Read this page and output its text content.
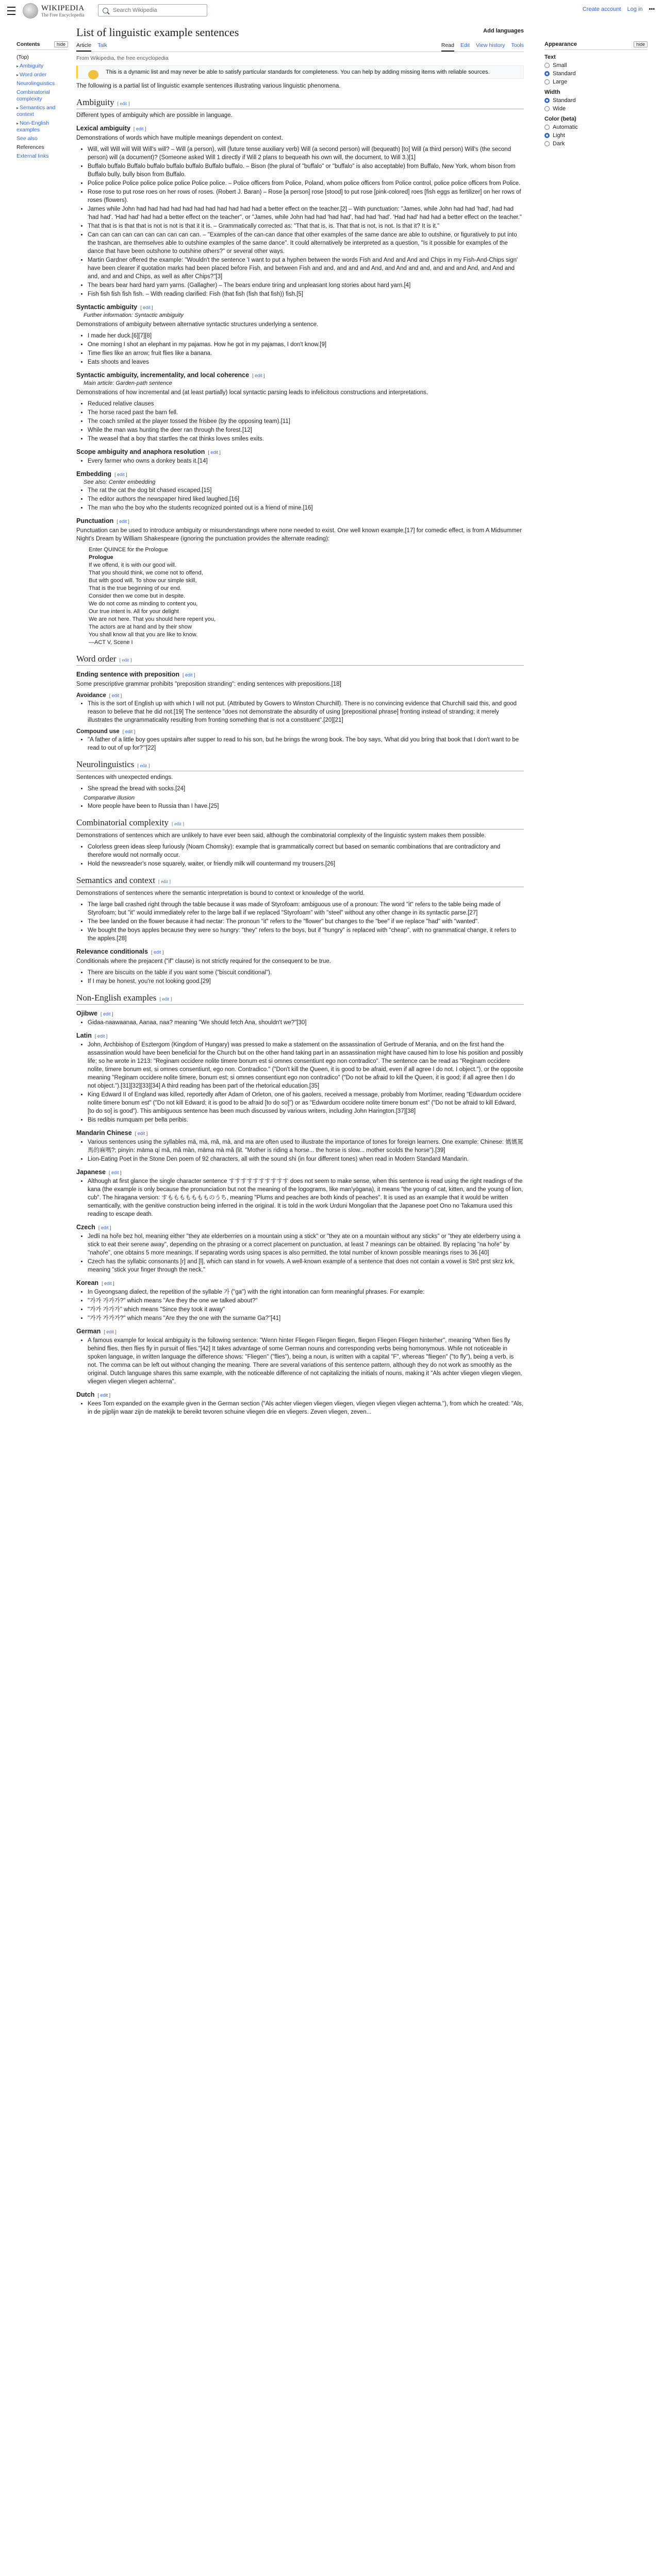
WIKIPEDIA
The Free Encyclopedia
Search Wikipedia
Create account Log in •••
Contents	hide
(Top)
▸ Ambiguity
▸ Word order
Neurolinguistics
Combinatorial complexity
▸ Semantics and context
▸ Non-English examples
See also
References
External links
List of linguistic example sentences	Add languages
Article Talk	Read Edit View history Tools
From Wikipedia, the free encyclopedia
This is a dynamic list and may never be able to satisfy particular standards for completeness. You can help by adding missing items with reliable sources.

The following is a partial list of linguistic example sentences illustrating various linguistic phenomena.

Ambiguity [ edit ]

Different types of ambiguity which are possible in language.

Lexical ambiguity [ edit ]

Demonstrations of words which have multiple meanings dependent on context.

• Will, will Will will Will Will's will? – Will (a person), will (future tense auxiliary verb) Will (a second person) will (bequeath) [to] Will (a third person) Will's (the second person) will (a document)? (Someone asked Will 1 directly if Will 2 plans to bequeath his own will, the document, to Will 3.)[1]
• Buffalo buffalo Buffalo buffalo buffalo buffalo Buffalo buffalo. – Bison (the plural of "buffalo" or "buffalo" is also acceptable) from Buffalo, New York, whom bison from Buffalo bully, bully bison from Buffalo.
• Police police Police police police police Police police. – Police officers from Police, Poland, whom police officers from Police control, police police officers from Police.
• Rose rose to put rose roes on her rows of roses. (Robert J. Baran) – Rose [a person] rose [stood] to put rose [pink-colored] roes [fish eggs as fertilizer] on her rows of roses (flowers).
• James while John had had had had had had had had had had had a better effect on the teacher.[2] – With punctuation: "James, while John had had 'had', had had 'had had'. 'Had had' had had a better effect on the teacher", or "James, while John had had 'had had', had had 'had'. 'Had had' had had a better effect on the teacher."
• That that is is that that is not is not is that it it is. – Grammatically corrected as: "That that is, is. That that is not, is not. Is that it? It is it."
• Can can can can can can can can can can. – "Examples of the can-can dance that other examples of the same dance are able to outshine, or figuratively to put into the trashcan, are themselves able to outshine examples of the same dance". It could alternatively be interpreted as a question, "Is it possible for examples of the dance that have been outshone to outshine others?" or several other ways.
• Martin Gardner offered the example: "Wouldn't the sentence 'I want to put a hyphen between the words Fish and And and And and Chips in my Fish-And-Chips sign' have been clearer if quotation marks had been placed before Fish, and between Fish and and, and and and And, and And and and, and and and And, and And and and, and and and Chips, as well as after Chips?"[3]
• The bears bear hard hard yarn yarns. (Gallagher) – The bears endure tiring and unpleasant long stories about hard yarn.[4]
• Fish fish fish fish fish. – With reading clarified: Fish (that fish (fish that fish)) fish.[5]
Syntactic ambiguity [ edit ]
Further information: Syntactic ambiguity

Demonstrations of ambiguity between alternative syntactic structures underlying a sentence.

• I made her duck.[6][7][8]
• One morning I shot an elephant in my pajamas. How he got in my pajamas, I don't know.[9]
• Time flies like an arrow; fruit flies like a banana.
• Eats shoots and leaves
Syntactic ambiguity, incrementality, and local coherence [ edit ]
Main article: Garden-path sentence

Demonstrations of how incremental and (at least partially) local syntactic parsing leads to infelicitous constructions and interpretations.

• Reduced relative clauses
• The horse raced past the barn fell.
• The coach smiled at the player tossed the frisbee (by the opposing team).[11]
• While the man was hunting the deer ran through the forest.[12]
• The weasel that a boy that startles the cat thinks loves smiles exits.
Scope ambiguity and anaphora resolution [ edit ]
• Every farmer who owns a donkey beats it.[14]
Embedding [ edit ]
See also: Center embedding
• The rat the cat the dog bit chased escaped.[15]
• The editor authors the newspaper hired liked laughed.[16]
• The man who the boy who the students recognized pointed out is a friend of mine.[16]
Punctuation [ edit ]

Punctuation can be used to introduce ambiguity or misunderstandings where none needed to exist. One well known example,[17] for comedic effect, is from A Midsummer Night's Dream by William Shakespeare (ignoring the punctuation provides the alternate reading):

Enter QUINCE for the Prologue
Prologue
If we offend, it is with our good will.
That you should think, we come not to offend,
But with good will. To show our simple skill,
That is the true beginning of our end.
Consider then we come but in despite.
We do not come as minding to content you,
Our true intent is. All for your delight
We are not here. That you should here repent you,
The actors are at hand and by their show
You shall know all that you are like to know.
—ACT V, Scene I
Word order [ edit ]
Ending sentence with preposition [ edit ]

Some prescriptive grammar prohibits "preposition stranding": ending sentences with prepositions.[18]

Avoidance [ edit ]
• This is the sort of English up with which I will not put. (Attributed by Gowers to Winston Churchill). There is no convincing evidence that Churchill said this, and good reason to believe that he did not.[19] The sentence "does not demonstrate the absurdity of using [prepositional phrase] fronting instead of stranding; it merely illustrates the ungrammaticality resulting from fronting something that is not a constituent".[20][21]
Compound use [ edit ]
• "A father of a little boy goes upstairs after supper to read to his son, but he brings the wrong book. The boy says, 'What did you bring that book that I don't want to be read to out of up for?'"[22]
Neurolinguistics [ edit ]

Sentences with unexpected endings.

• She spread the bread with socks.[24]
Comparative illusion
• More people have been to Russia than I have.[25]
Combinatorial complexity [ edit ]

Demonstrations of sentences which are unlikely to have ever been said, although the combinatorial complexity of the linguistic system makes them possible.

• Colorless green ideas sleep furiously (Noam Chomsky): example that is grammatically correct but based on semantic combinations that are contradictory and therefore would not normally occur.
• Hold the newsreader's nose squarely, waiter, or friendly milk will countermand my trousers.[26]
Semantics and context [ edit ]

Demonstrations of sentences where the semantic interpretation is bound to context or knowledge of the world.

• The large ball crashed right through the table because it was made of Styrofoam: ambiguous use of a pronoun: The word "it" refers to the table being made of Styrofoam; but "it" would immediately refer to the large ball if we replaced "Styrofoam" with "steel" without any other change in its syntactic parse.[27]
• The bee landed on the flower because it had nectar: The pronoun "it" refers to the "flower" but changes to the "bee" if we replace "had" with "wanted".
• We bought the boys apples because they were so hungry: "they" refers to the boys, but if "hungry" is replaced with "cheap", with no grammatical change, it refers to the apples.[28]
Relevance conditionals [ edit ]

Conditionals where the prejacent ("if" clause) is not strictly required for the consequent to be true.

• There are biscuits on the table if you want some ("biscuit conditional").
• If I may be honest, you're not looking good.[29]
Non-English examples [ edit ]
Ojibwe [ edit ]
• Gidaa-naawaanaa, Aanaa, naa? meaning "We should fetch Ana, shouldn't we?"[30]
Latin [ edit ]
• John, Archbishop of Esztergom (Kingdom of Hungary) was pressed to make a statement on the assassination of Gertrude of Merania, and on the first hand the assassination would have been beneficial for the Church but on the other hand taking part in an assassination might have caused him to lose his position and possibly life; so he wrote in 1213: "Reginam occidere nolite timere bonum est si omnes consentiunt ego non contradico". The sentence can be read as "Reginam occidere nolite, timere bonum est, si omnes consentiunt, ego non. Contradico." ("Don't kill the Queen, it is good to be afraid, even if all agree I do not. I object."), or the opposite meaning "Reginam occidere nolite timere, bonum est; si omnes consentiunt ego non contradico" ("Do not be afraid to kill the Queen, it is good; if all agree then I do not object.").[31][32][33][34] A third reading has been part of the rhetorical education.[35]
• King Edward II of England was killed, reportedly after Adam of Orleton, one of his gaolers, received a message, probably from Mortimer, reading "Edwardum occidere nolite timere bonum est" ("Do not kill Edward; it is good to be afraid [to do so]") or as "Edwardum occidere nolite timere bonum est" ("Do not be afraid to kill Edward, [to do so] is good"). This ambiguous sentence has been much discussed by various writers, including John Harington.[37][38]
• Bis redibis numquam per bella peribis.
Mandarin Chinese [ edit ]
• Various sentences using the syllables mā, má, mǎ, mà, and ma are often used to illustrate the importance of tones for foreign learners. One example: Chinese: 媽媽罵馬的麻嗎?; pinyin: māma qí mǎ, mǎ màn, māma mà mǎ (lit. "Mother is riding a horse... the horse is slow... mother scolds the horse").[39]
• Lion-Eating Poet in the Stone Den poem of 92 characters, all with the sound shi (in four different tones) when read in Modern Standard Mandarin.
Japanese [ edit ]
• Although at first glance the single character sentence すすすすすすすすすす does not seem to make sense, when this sentence is read using the right readings of the kana (the example is only because the pronunciation but not the meaning of the logograms, like man'yōgana), it means "the young of cat, kitten, and the young of lion, cub". The hiragana version: すももももももものうち, meaning "Plums and peaches are both kinds of peaches". It is used as an example that it would be written semantically, with the genitive construction being inferred in the original. It is told in the work Urduni Mongolian that the Japanese poet Ono no Takamura used this reading to escape death.
Czech [ edit ]
• Jedli na hoře bez hol, meaning either "they ate elderberries on a mountain using a stick" or "they ate on a mountain without any sticks" or "they ate elderberry using a stick to eat their serene away", depending on the phrasing or a correct placement on punctuation, at least 7 meanings can be obtained. By replacing "na hoře" by "nahoře", one obtains 5 more meanings. If separating words using spaces is also permitted, the total number of known possible meanings rises to 36.[40]
• Czech has the syllabic consonants [r] and [l], which can stand in for vowels. A well-known example of a sentence that does not contain a vowel is Strč prst skrz krk, meaning "stick your finger through the neck."
Korean [ edit ]
• In Gyeongsang dialect, the repetition of the syllable 가 ("ga") with the right intonation can form meaningful phrases. For example:
• "가가 가가가?" which means "Are they the one we talked about?"
• "가가 가가가" which means "Since they took it away"
• "가가 가가가?" which means "Are they the one with the surname Ga?"[41]
German [ edit ]
• A famous example for lexical ambiguity is the following sentence: "Wenn hinter Fliegen Fliegen fliegen, fliegen Fliegen Fliegen hinterher", meaning "When flies fly behind flies, then flies fly in pursuit of flies."[42] It takes advantage of some German nouns and corresponding verbs being homonymous. While not noticeable in spoken language, in written language the difference shows: "Fliegen" ("flies"), being a noun, is written with a capital "F", whereas "fliegen" ("to fly"), being a verb, is not. The comma can be left out without changing the meaning. There are several variations of this sentence pattern, although they do not work as smoothly as the original. Dutch language shares this same example, with the noticeable difference of not capitalizing the initials of nouns, making it "Als achter vliegen vliegen vliegen, vliegen vliegen vliegen achterna".
Dutch [ edit ]
• Kees Torn expanded on the example given in the German section ("Als achter vliegen vliegen vliegen, vliegen vliegen vliegen achterna."), from which he created: "Als, in de pijplijn waar zijn de matekijk te bereikt tevoren schuine vliegen drie en vliegers. Zeven vliegen, zeven...
Appearance	hide
Text
Small
Standard
Large
Width
Standard
Wide
Color (beta)
Automatic
Light
Dark
